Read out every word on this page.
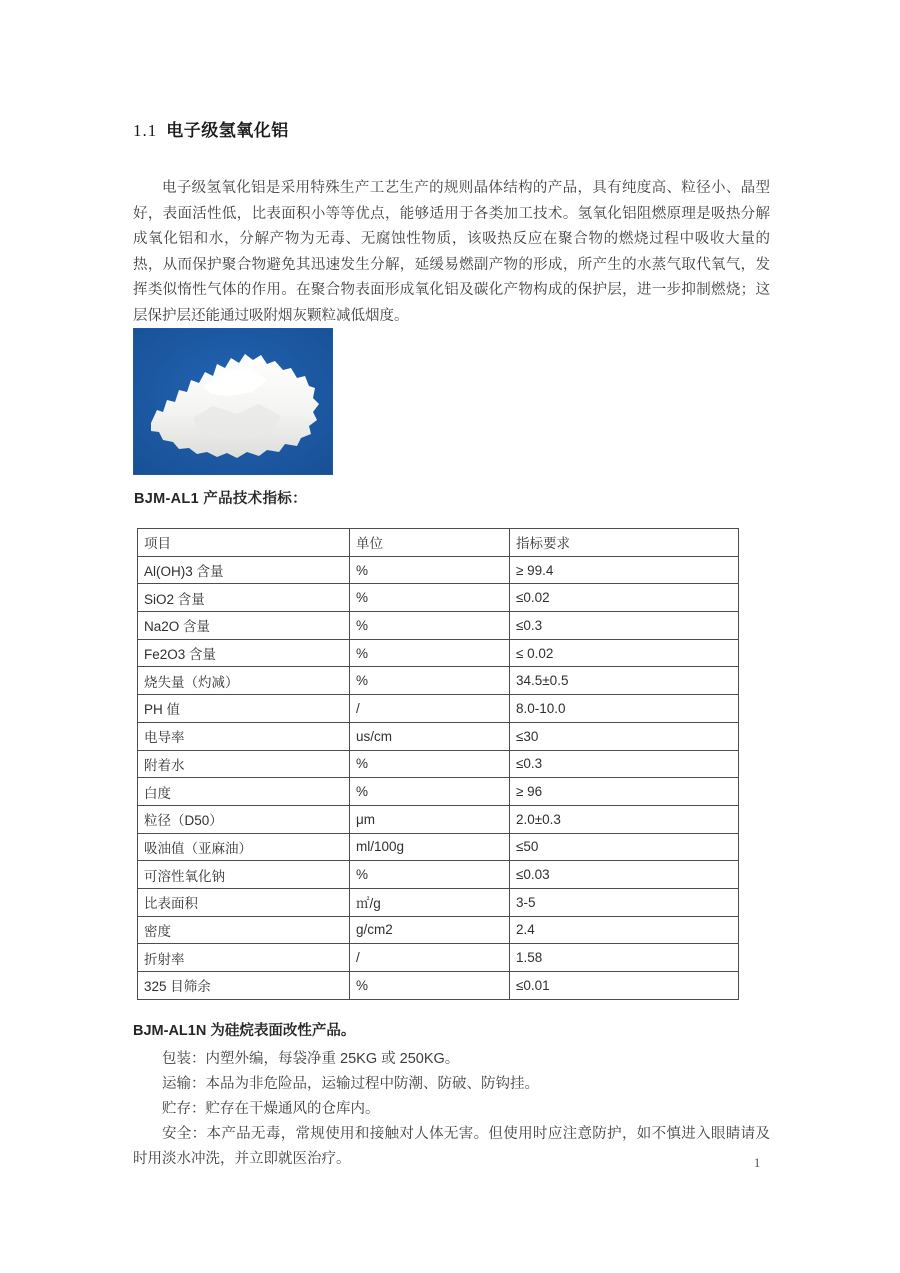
1.1 电子级氢氧化铝
电子级氢氧化铝是采用特殊生产工艺生产的规则晶体结构的产品，具有纯度高、粒径小、晶型好，表面活性低，比表面积小等等优点，能够适用于各类加工技术。氢氧化铝阻燃原理是吸热分解成氧化铝和水，分解产物为无毒、无腐蚀性物质，该吸热反应在聚合物的燃烧过程中吸收大量的热，从而保护聚合物避免其迅速发生分解，延缓易燃副产物的形成，所产生的水蒸气取代氧气，发挥类似惰性气体的作用。在聚合物表面形成氧化铝及碳化产物构成的保护层，进一步抑制燃烧；这层保护层还能通过吸附烟灰颗粒减低烟度。
BJM-AL1 产品技术指标：
项目	单位	指标要求
Al(OH)3 含量	%	≥ 99.4
SiO2 含量	%	≤0.02
Na2O 含量	%	≤0.3
Fe2O3 含量	%	≤ 0.02
烧失量（灼减）	%	34.5±0.5
PH 值	/	8.0-10.0
电导率	us/cm	≤30
附着水	%	≤0.3
白度	%	≥ 96
粒径（D50）	μm	2.0±0.3
吸油值（亚麻油）	ml/100g	≤50
可溶性氧化钠	%	≤0.03
比表面积	㎡/g	3-5
密度	g/cm2	2.4
折射率	/	1.58
325 目筛余	%	≤0.01
BJM-AL1N 为硅烷表面改性产品。

包装：内塑外编，每袋净重 25KG 或 250KG。

运输：本品为非危险品，运输过程中防潮、防破、防钩挂。

贮存：贮存在干燥通风的仓库内。

安全：本产品无毒，常规使用和接触对人体无害。但使用时应注意防护，如不慎进入眼睛请及时用淡水冲洗，并立即就医治疗。	1
